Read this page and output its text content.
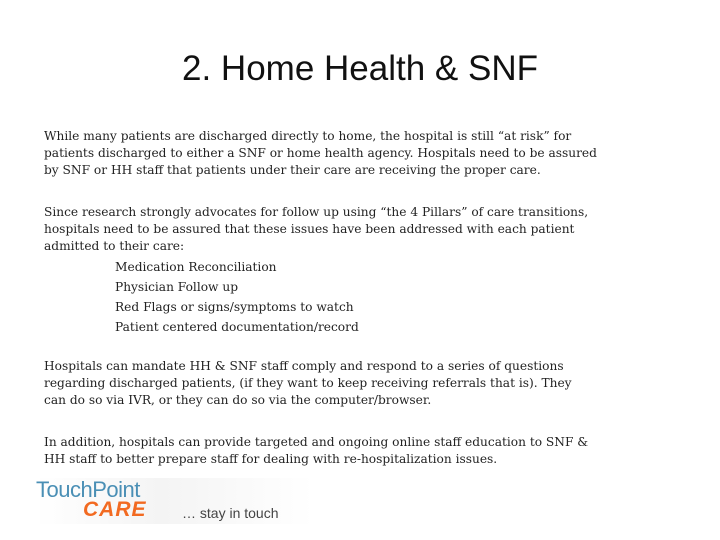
2. Home Health & SNF

While many patients are discharged directly to home, the hospital is still “at risk” for
patients discharged to either a SNF or home health agency. Hospitals need to be assured
by SNF or HH staff that patients under their care are receiving the proper care.

Since research strongly advocates for follow up using “the 4 Pillars” of care transitions,
hospitals need to be assured that these issues have been addressed with each patient
admitted to their care:

Medication Reconciliation
Physician Follow up
Red Flags or signs/symptoms to watch
Patient centered documentation/record

Hospitals can mandate HH & SNF staff comply and respond to a series of questions
regarding discharged patients, (if they want to keep receiving referrals that is). They
can do so via IVR, or they can do so via the computer/browser.

In addition, hospitals can provide targeted and ongoing online staff education to SNF &
HH staff to better prepare staff for dealing with re-hospitalization issues.

TouchPoint
CARE	… stay in touch
